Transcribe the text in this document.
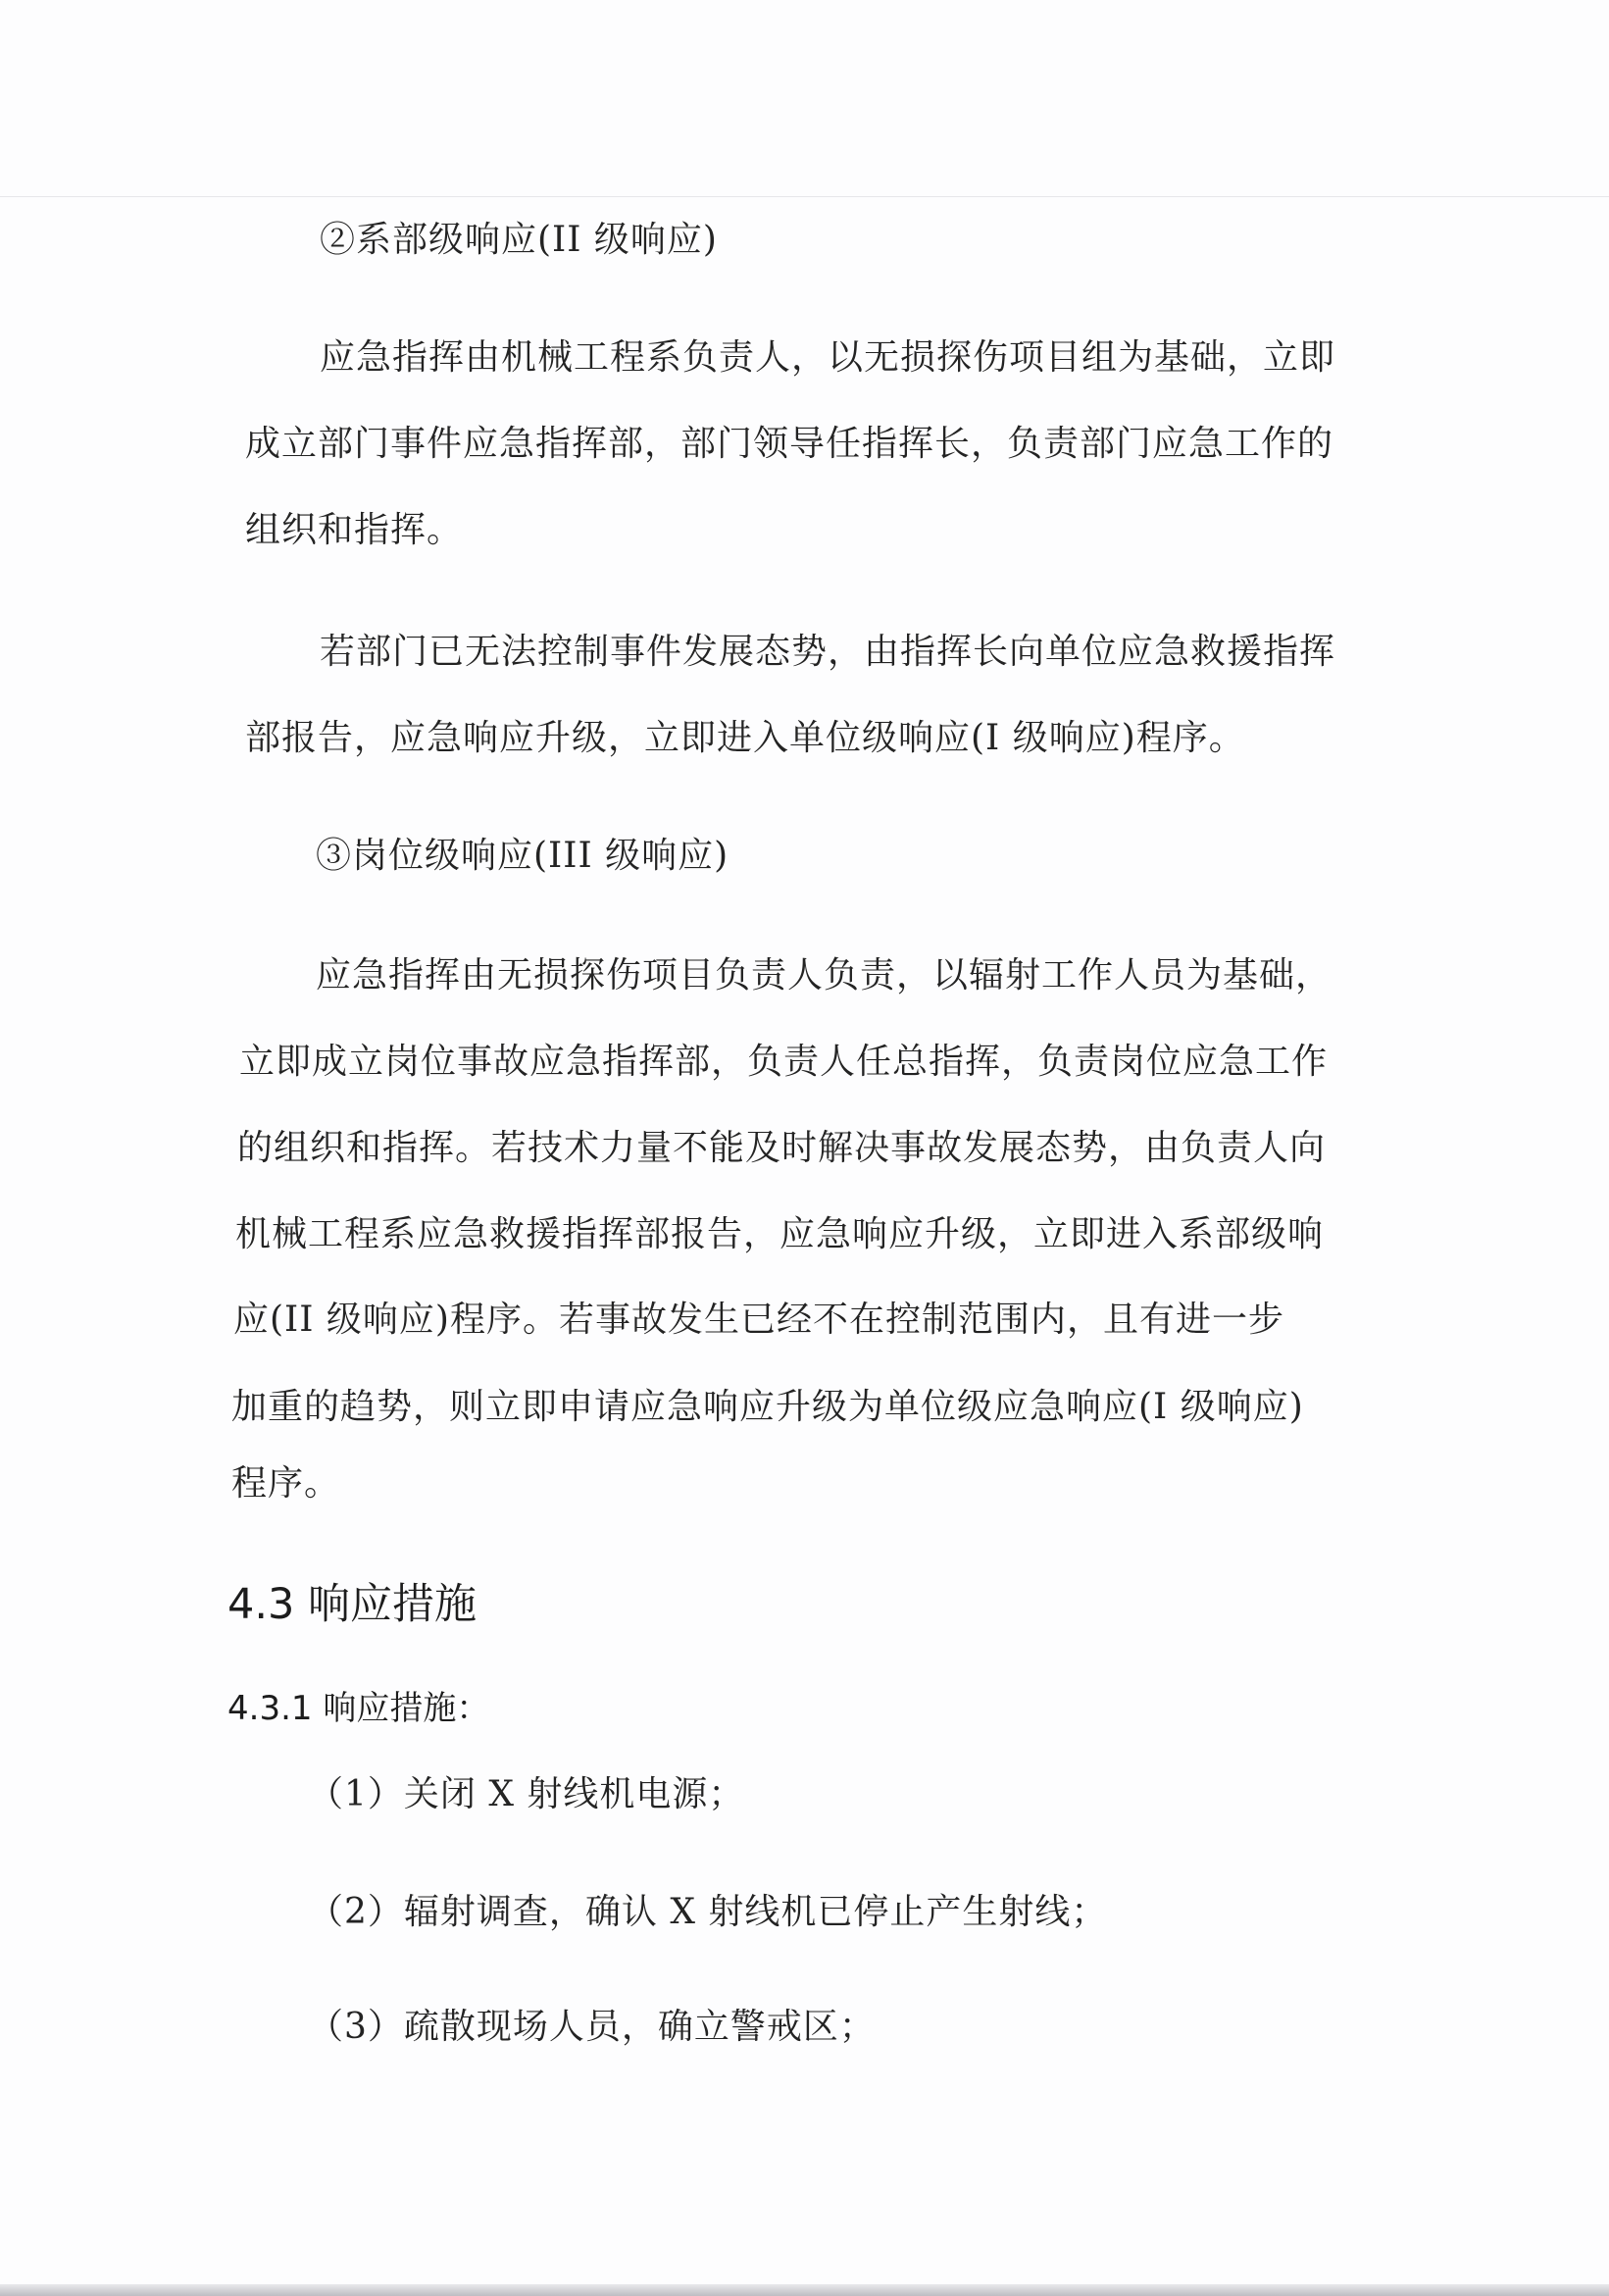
②系部级响应(II 级响应)
应急指挥由机械工程系负责人，以无损探伤项目组为基础，立即
成立部门事件应急指挥部，部门领导任指挥长，负责部门应急工作的
组织和指挥。
若部门已无法控制事件发展态势，由指挥长向单位应急救援指挥
部报告，应急响应升级，立即进入单位级响应(I 级响应)程序。
③岗位级响应(III 级响应)
应急指挥由无损探伤项目负责人负责，以辐射工作人员为基础，
立即成立岗位事故应急指挥部，负责人任总指挥，负责岗位应急工作
的组织和指挥。若技术力量不能及时解决事故发展态势，由负责人向
机械工程系应急救援指挥部报告，应急响应升级，立即进入系部级响
应(II 级响应)程序。若事故发生已经不在控制范围内，且有进一步
加重的趋势，则立即申请应急响应升级为单位级应急响应(I 级响应)
程序。
4.3 响应措施
4.3.1 响应措施：
（1）关闭 X 射线机电源；
（2）辐射调查，确认 X 射线机已停止产生射线；
（3）疏散现场人员，确立警戒区；
